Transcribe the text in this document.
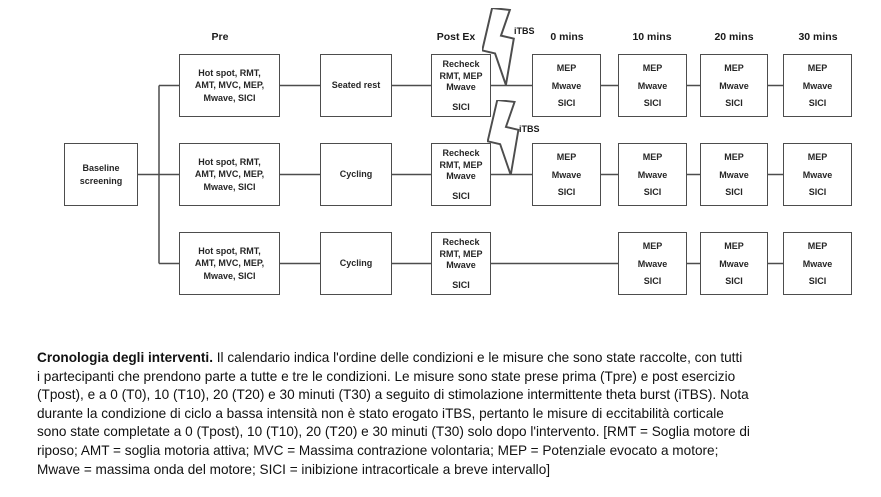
Pre	Post Ex	0 mins	10 mins	20 mins	30 mins
Baseline
screening
Hot spot, RMT,
AMT, MVC, MEP,
Mwave, SICI
Seated rest
Recheck
RMT, MEP
Mwave
SICI
MEP
Mwave
SICI
MEP
Mwave
SICI
MEP
Mwave
SICI
MEP
Mwave
SICI
Hot spot, RMT,
AMT, MVC, MEP,
Mwave, SICI
Cycling
Recheck
RMT, MEP
Mwave
SICI
MEP
Mwave
SICI
MEP
Mwave
SICI
MEP
Mwave
SICI
MEP
Mwave
SICI
Hot spot, RMT,
AMT, MVC, MEP,
Mwave, SICI
Cycling
Recheck
RMT, MEP
Mwave
SICI
MEP
Mwave
SICI
MEP
Mwave
SICI
MEP
Mwave
SICI
iTBS
iTBS
Cronologia degli interventi. Il calendario indica l'ordine delle condizioni e le misure che sono state raccolte, con tutti
i partecipanti che prendono parte a tutte e tre le condizioni. Le misure sono state prese prima (Tpre) e post esercizio
(Tpost), e a 0 (T0), 10 (T10), 20 (T20) e 30 minuti (T30) a seguito di stimolazione intermittente theta burst (iTBS). Nota
durante la condizione di ciclo a bassa intensità non è stato erogato iTBS, pertanto le misure di eccitabilità corticale
sono state completate a 0 (Tpost), 10 (T10), 20 (T20) e 30 minuti (T30) solo dopo l'intervento. [RMT = Soglia motore di
riposo; AMT = soglia motoria attiva; MVC = Massima contrazione volontaria; MEP = Potenziale evocato a motore;
Mwave = massima onda del motore; SICI = inibizione intracorticale a breve intervallo]
